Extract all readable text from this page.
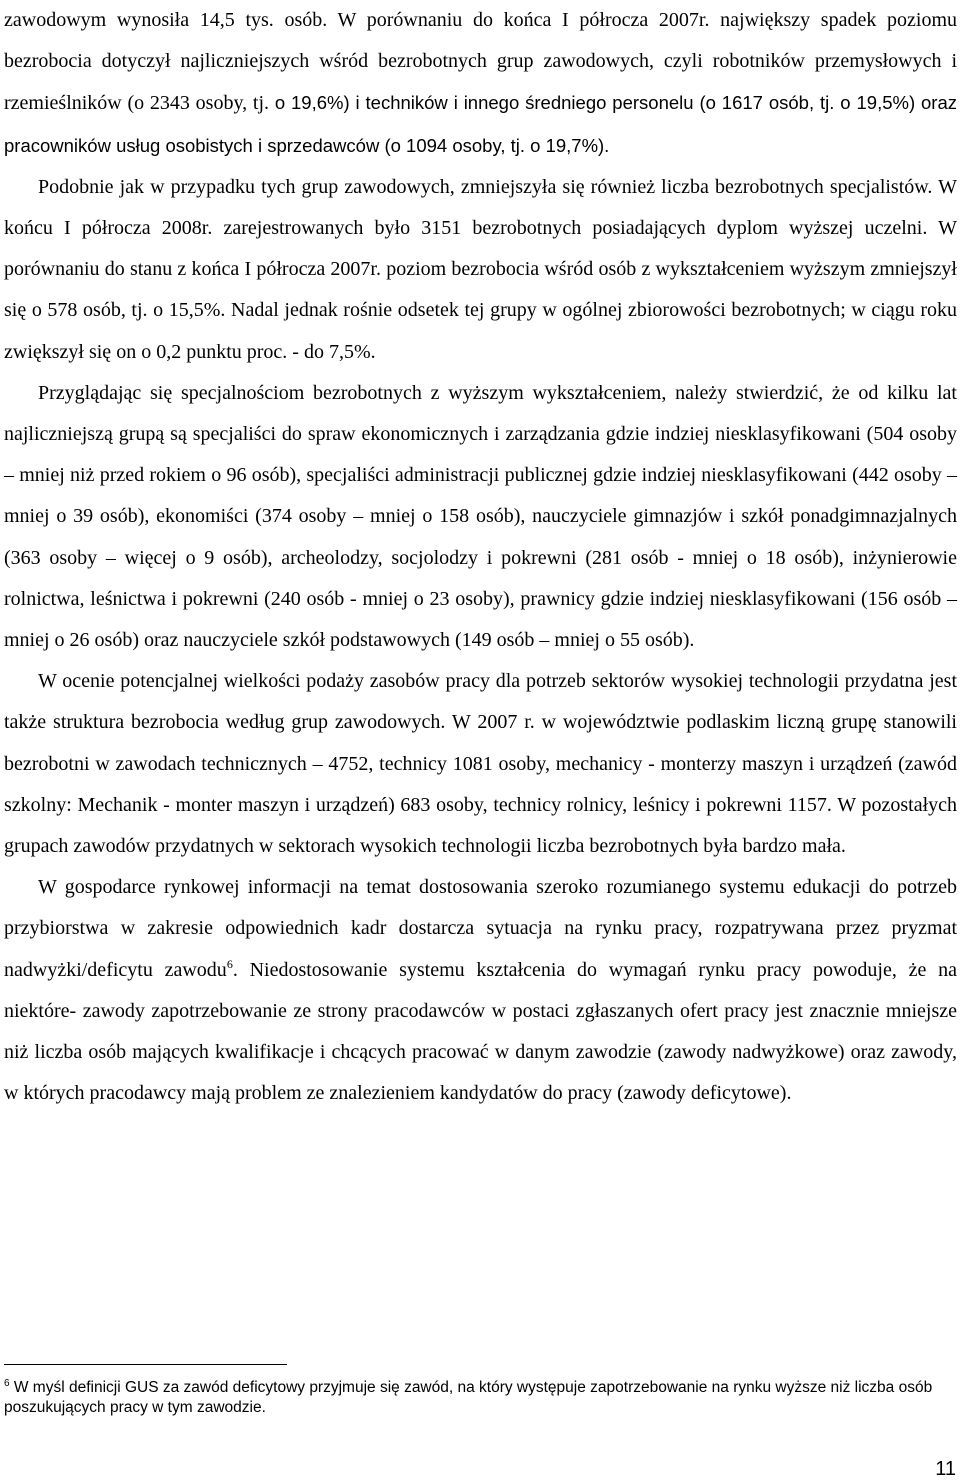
zawodowym wynosiła 14,5 tys. osób. W porównaniu do końca I półrocza 2007r. największy spadek poziomu bezrobocia dotyczył najliczniejszych wśród bezrobotnych grup zawodowych, czyli robotników przemysłowych i rzemieślników (o 2343 osoby, tj. o 19,6%) i techników i innego średniego personelu (o 1617 osób, tj. o 19,5%) oraz pracowników usług osobistych i sprzedawców (o 1094 osoby, tj. o 19,7%).

Podobnie jak w przypadku tych grup zawodowych, zmniejszyła się również liczba bezrobotnych specjalistów. W końcu I półrocza 2008r. zarejestrowanych było 3151 bezrobotnych posiadających dyplom wyższej uczelni. W porównaniu do stanu z końca I półrocza 2007r. poziom bezrobocia wśród osób z wykształceniem wyższym zmniejszył się o 578 osób, tj. o 15,5%. Nadal jednak rośnie odsetek tej grupy w ogólnej zbiorowości bezrobotnych; w ciągu roku zwiększył się on o 0,2 punktu proc. - do 7,5%.

Przyglądając się specjalnościom bezrobotnych z wyższym wykształceniem, należy stwierdzić, że od kilku lat najliczniejszą grupą są specjaliści do spraw ekonomicznych i zarządzania gdzie indziej niesklasyfikowani (504 osoby – mniej niż przed rokiem o 96 osób), specjaliści administracji publicznej gdzie indziej niesklasyfikowani (442 osoby – mniej o 39 osób), ekonomiści (374 osoby – mniej o 158 osób), nauczyciele gimnazjów i szkół ponadgimnazjalnych (363 osoby – więcej o 9 osób), archeolodzy, socjolodzy i pokrewni (281 osób - mniej o 18 osób), inżynierowie rolnictwa, leśnictwa i pokrewni (240 osób - mniej o 23 osoby), prawnicy gdzie indziej niesklasyfikowani (156 osób – mniej o 26 osób) oraz nauczyciele szkół podstawowych (149 osób – mniej o 55 osób).

W ocenie potencjalnej wielkości podaży zasobów pracy dla potrzeb sektorów wysokiej technologii przydatna jest także struktura bezrobocia według grup zawodowych. W 2007 r. w województwie podlaskim liczną grupę stanowili bezrobotni w zawodach technicznych – 4752, technicy 1081 osoby, mechanicy - monterzy maszyn i urządzeń (zawód szkolny: Mechanik - monter maszyn i urządzeń) 683 osoby, technicy rolnicy, leśnicy i pokrewni 1157. W pozostałych grupach zawodów przydatnych w sektorach wysokich technologii liczba bezrobotnych była bardzo mała.

W gospodarce rynkowej informacji na temat dostosowania szeroko rozumianego systemu edukacji do potrzeb przybiorstwa w zakresie odpowiednich kadr dostarcza sytuacja na rynku pracy, rozpatrywana przez pryzmat nadwyżki/deficytu zawodu$^6$. Niedostosowanie systemu kształcenia do wymagań rynku pracy powoduje, że na niektóre- zawody zapotrzebowanie ze strony pracodawców w postaci zgłaszanych ofert pracy jest znacznie mniejsze niż liczba osób mających kwalifikacje i chcących pracować w danym zawodzie (zawody nadwyżkowe) oraz zawody, w których pracodawcy mają problem ze znalezieniem kandydatów do pracy (zawody deficytowe).

$^6$ W myśl definicji GUS za zawód deficytowy przyjmuje się zawód, na który występuje zapotrzebowanie na rynku wyższe niż liczba osób poszukujących pracy w tym zawodzie.

11
